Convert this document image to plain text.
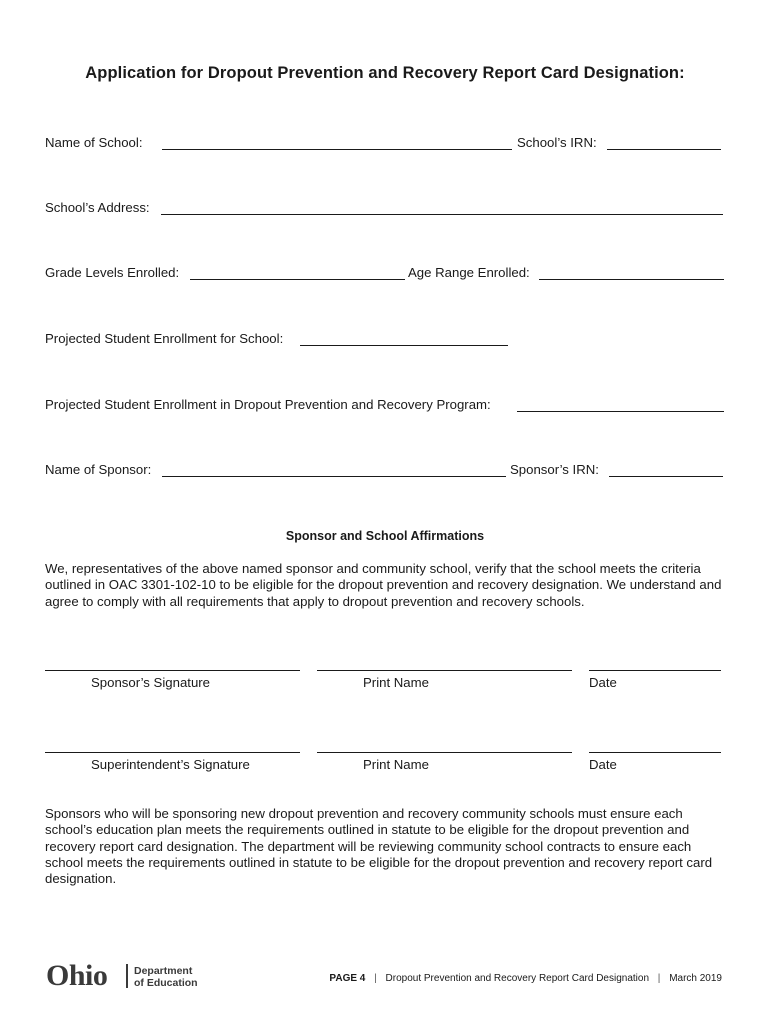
Application for Dropout Prevention and Recovery Report Card Designation:
Name of School:	School’s IRN:
School’s Address:
Grade Levels Enrolled:	Age Range Enrolled:
Projected Student Enrollment for School:
Projected Student Enrollment in Dropout Prevention and Recovery Program:
Name of Sponsor:	Sponsor’s IRN:
Sponsor and School Affirmations
We, representatives of the above named sponsor and community school, verify that the school meets the criteria outlined in OAC 3301-102-10 to be eligible for the dropout prevention and recovery designation. We understand and agree to comply with all requirements that apply to dropout prevention and recovery schools.
Sponsor’s Signature	Print Name	Date
Superintendent’s Signature	Print Name	Date
Sponsors who will be sponsoring new dropout prevention and recovery community schools must ensure each school’s education plan meets the requirements outlined in statute to be eligible for the dropout prevention and recovery report card designation. The department will be reviewing community school contracts to ensure each school meets the requirements outlined in statute to be eligible for the dropout prevention and recovery report card designation.
Ohio	Department
of Education	PAGE 4 | Dropout Prevention and Recovery Report Card Designation | March 2019
